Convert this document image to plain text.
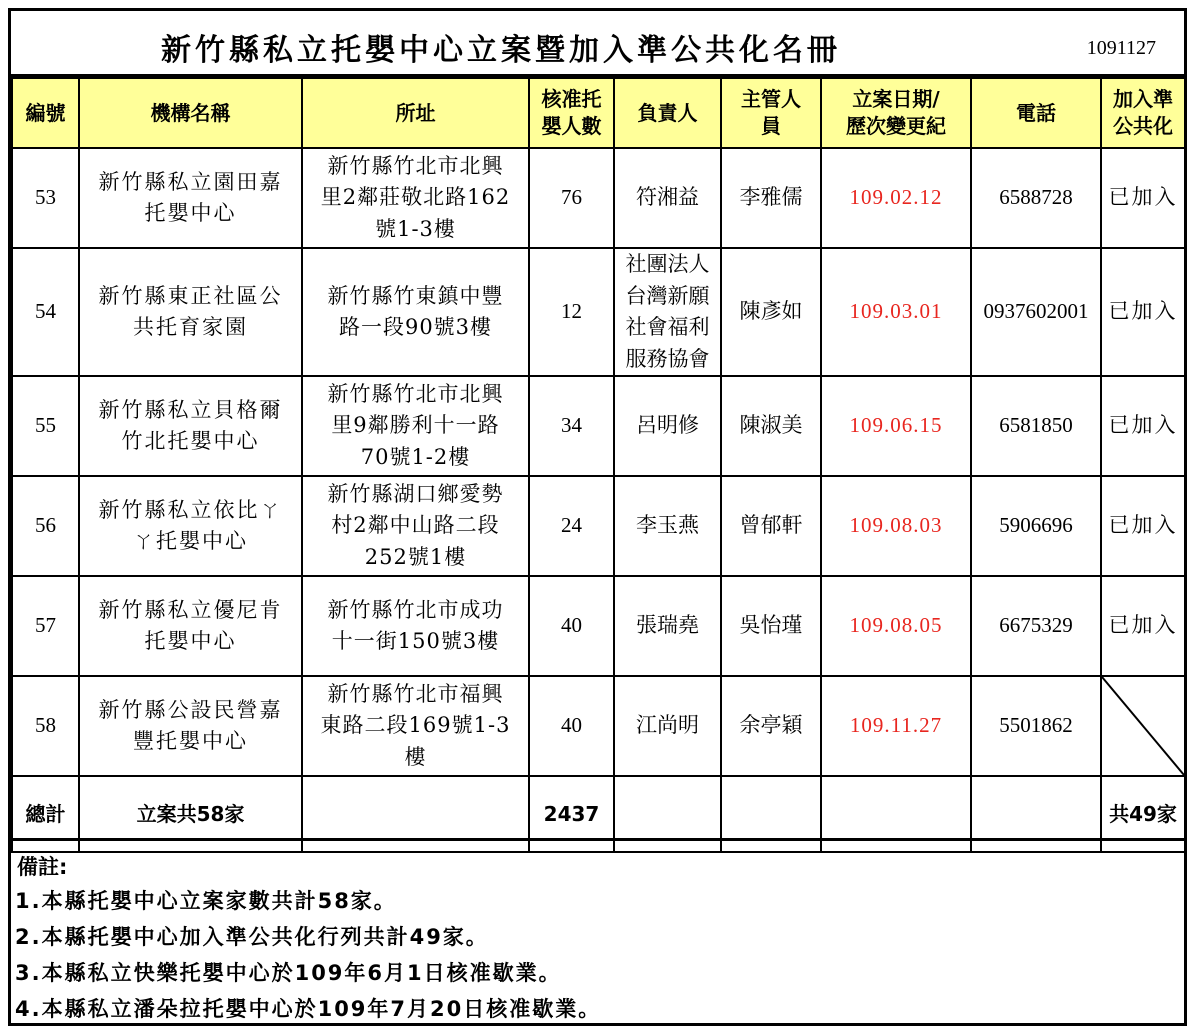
新竹縣私立托嬰中心立案暨加入準公共化名冊	1091127
編號	機構名稱	所址	核准托
嬰人數	負責人	主管人
員	立案日期/
歷次變更紀	電話	加入準
公共化
53	新竹縣私立園田嘉
托嬰中心	新竹縣竹北市北興
里2鄰莊敬北路162
號1-3樓	76	符湘益	李雅儒	109.02.12	6588728	已加入
54	新竹縣東正社區公
共托育家園	新竹縣竹東鎮中豐
路一段90號3樓	12	社團法人
台灣新願
社會福利
服務協會	陳彥如	109.03.01	0937602001	已加入
55	新竹縣私立貝格爾
竹北托嬰中心	新竹縣竹北市北興
里9鄰勝利十一路
70號1-2樓	34	呂明修	陳淑美	109.06.15	6581850	已加入
56	新竹縣私立依比ㄚ
ㄚ托嬰中心	新竹縣湖口鄉愛勢
村2鄰中山路二段
252號1樓	24	李玉燕	曾郁軒	109.08.03	5906696	已加入
57	新竹縣私立優尼肯
托嬰中心	新竹縣竹北市成功
十一街150號3樓	40	張瑞堯	吳怡瑾	109.08.05	6675329	已加入
58	新竹縣公設民營嘉
豐托嬰中心	新竹縣竹北市福興
東路二段169號1-3
樓	40	江尚明	余亭穎	109.11.27	5501862	

總計	立案共58家		2437					共49家
備註:
1.本縣托嬰中心立案家數共計58家。
2.本縣托嬰中心加入準公共化行列共計49家。
3.本縣私立快樂托嬰中心於109年6月1日核准歇業。
4.本縣私立潘朵拉托嬰中心於109年7月20日核准歇業。
